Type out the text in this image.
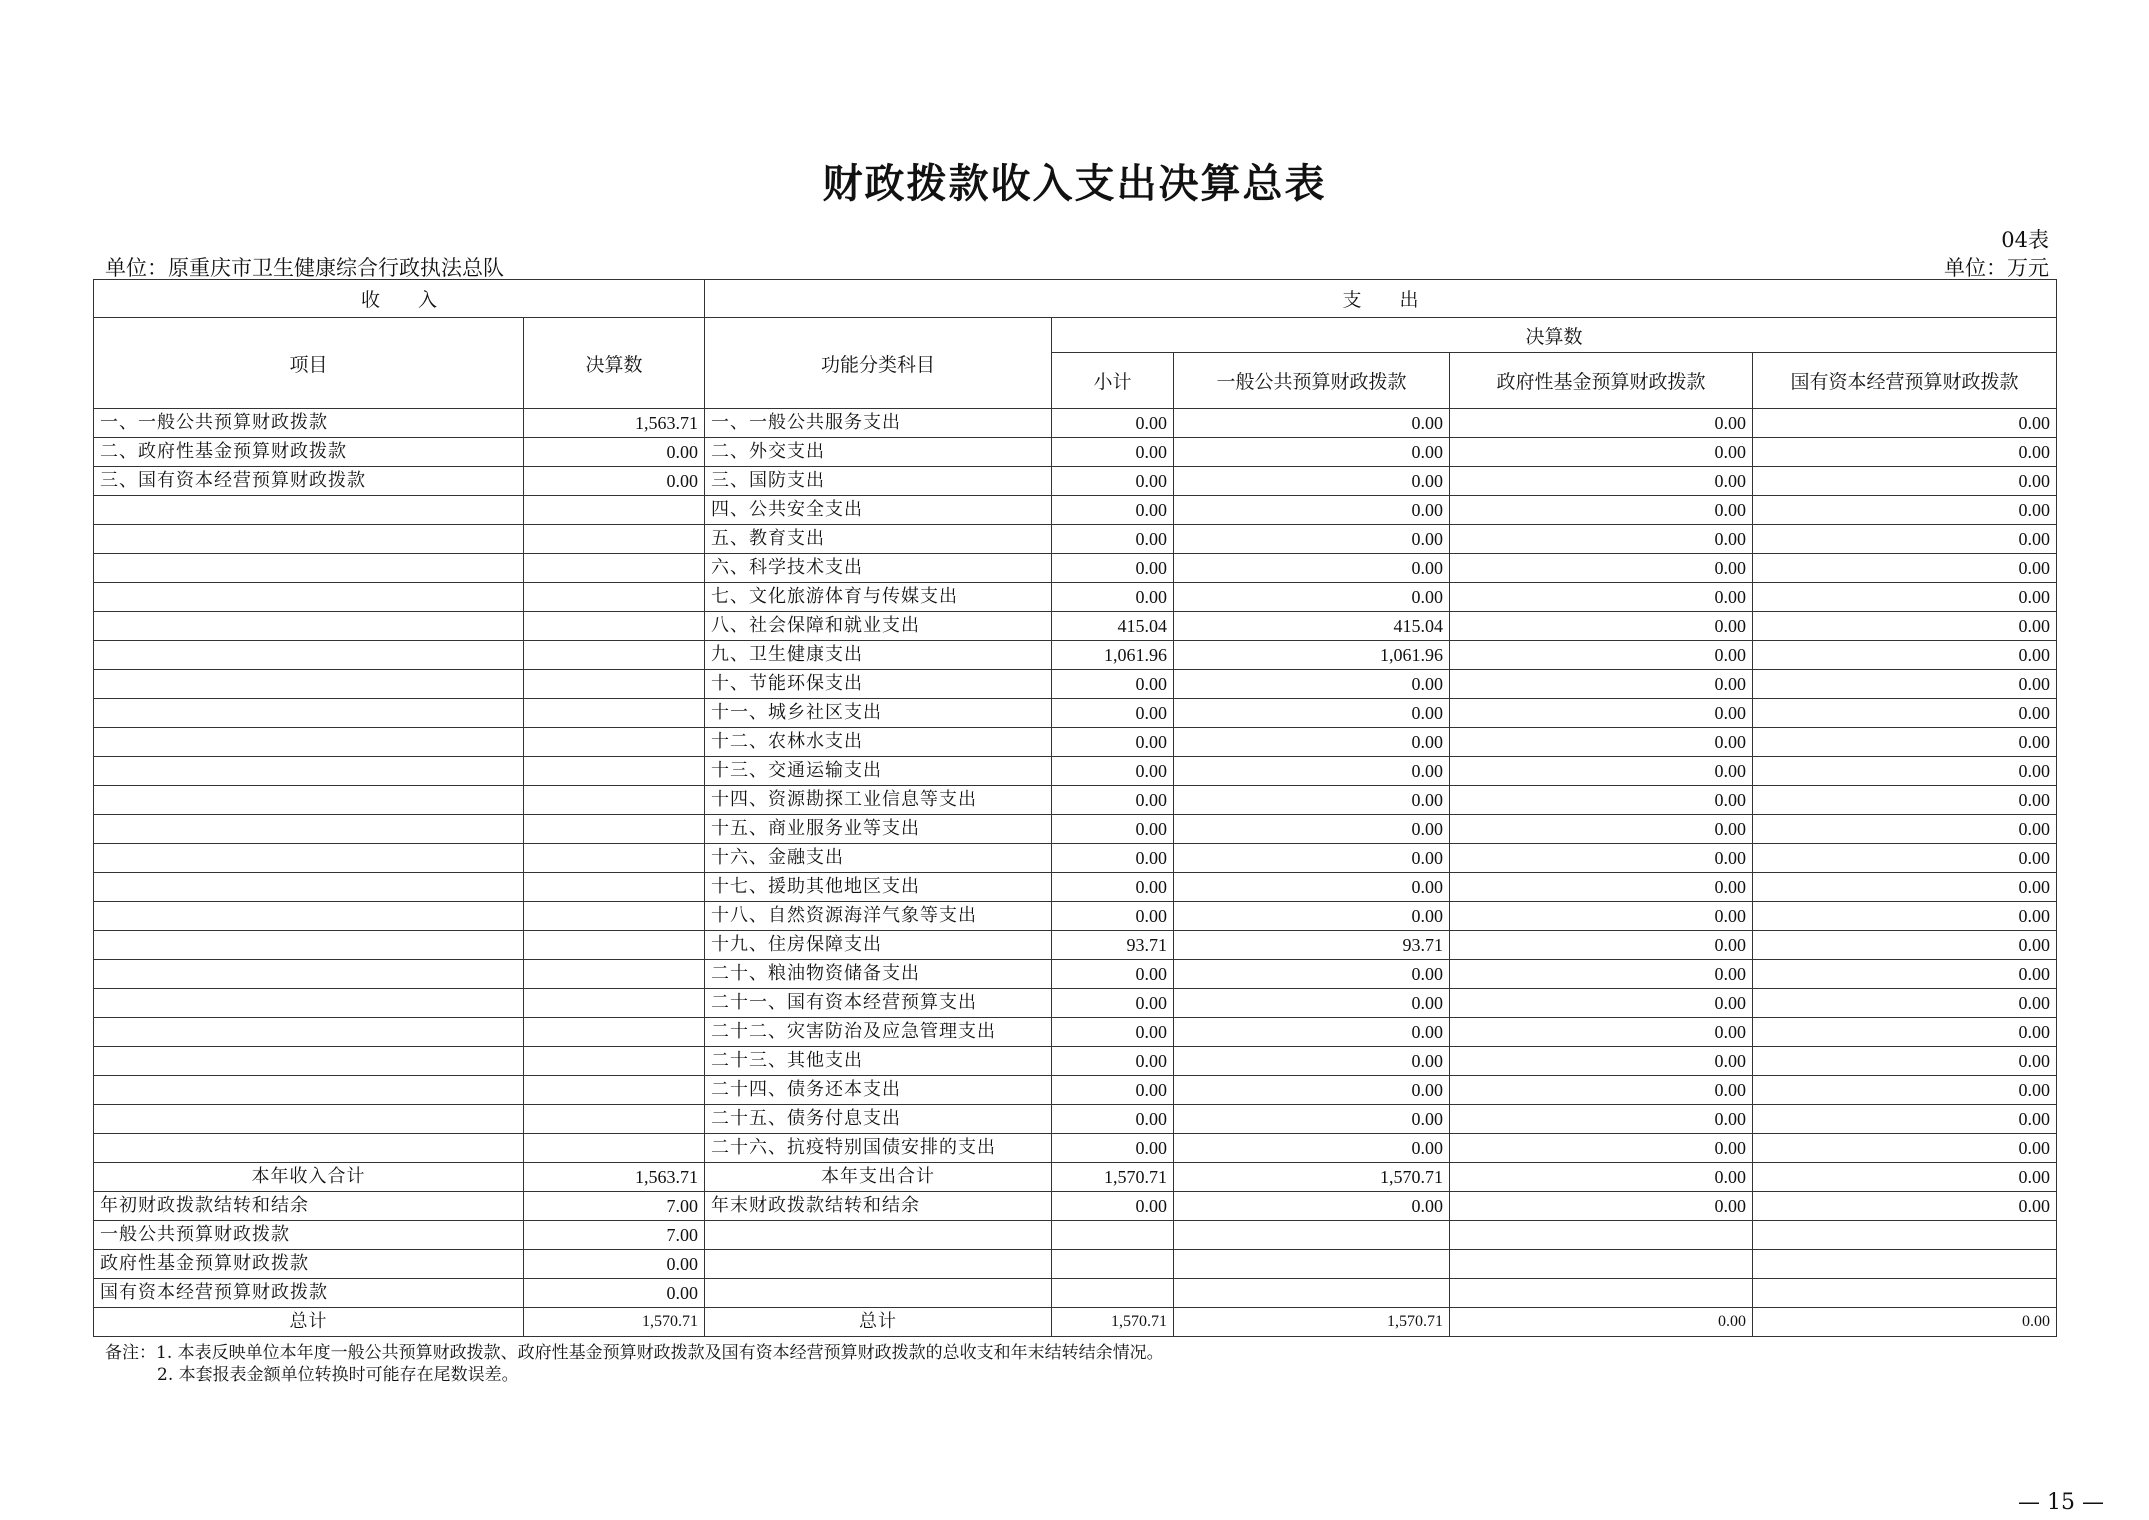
财政拨款收入支出决算总表
04表
单位：原重庆市卫生健康综合行政执法总队	单位：万元
收　　入		支　　出				
项目	决算数	功能分类科目	决算数			
			小计	一般公共预算财政拨款	政府性基金预算财政拨款	国有资本经营预算财政拨款
一、一般公共预算财政拨款	1,563.71	一、一般公共服务支出	0.00	0.00	0.00	0.00
二、政府性基金预算财政拨款	0.00	二、外交支出	0.00	0.00	0.00	0.00
三、国有资本经营预算财政拨款	0.00	三、国防支出	0.00	0.00	0.00	0.00
		四、公共安全支出	0.00	0.00	0.00	0.00
		五、教育支出	0.00	0.00	0.00	0.00
		六、科学技术支出	0.00	0.00	0.00	0.00
		七、文化旅游体育与传媒支出	0.00	0.00	0.00	0.00
		八、社会保障和就业支出	415.04	415.04	0.00	0.00
		九、卫生健康支出	1,061.96	1,061.96	0.00	0.00
		十、节能环保支出	0.00	0.00	0.00	0.00
		十一、城乡社区支出	0.00	0.00	0.00	0.00
		十二、农林水支出	0.00	0.00	0.00	0.00
		十三、交通运输支出	0.00	0.00	0.00	0.00
		十四、资源勘探工业信息等支出	0.00	0.00	0.00	0.00
		十五、商业服务业等支出	0.00	0.00	0.00	0.00
		十六、金融支出	0.00	0.00	0.00	0.00
		十七、援助其他地区支出	0.00	0.00	0.00	0.00
		十八、自然资源海洋气象等支出	0.00	0.00	0.00	0.00
		十九、住房保障支出	93.71	93.71	0.00	0.00
		二十、粮油物资储备支出	0.00	0.00	0.00	0.00
		二十一、国有资本经营预算支出	0.00	0.00	0.00	0.00
		二十二、灾害防治及应急管理支出	0.00	0.00	0.00	0.00
		二十三、其他支出	0.00	0.00	0.00	0.00
		二十四、债务还本支出	0.00	0.00	0.00	0.00
		二十五、债务付息支出	0.00	0.00	0.00	0.00
		二十六、抗疫特别国债安排的支出	0.00	0.00	0.00	0.00
本年收入合计	1,563.71	本年支出合计	1,570.71	1,570.71	0.00	0.00
年初财政拨款结转和结余	7.00	年末财政拨款结转和结余	0.00	0.00	0.00	0.00
一般公共预算财政拨款	7.00					
政府性基金预算财政拨款	0.00					
国有资本经营预算财政拨款	0.00					
总计	1,570.71	总计	1,570.71	1,570.71	0.00	0.00
备注：1. 本表反映单位本年度一般公共预算财政拨款、政府性基金预算财政拨款及国有资本经营预算财政拨款的总收支和年末结转结余情况。
2. 本套报表金额单位转换时可能存在尾数误差。
— 15 —
